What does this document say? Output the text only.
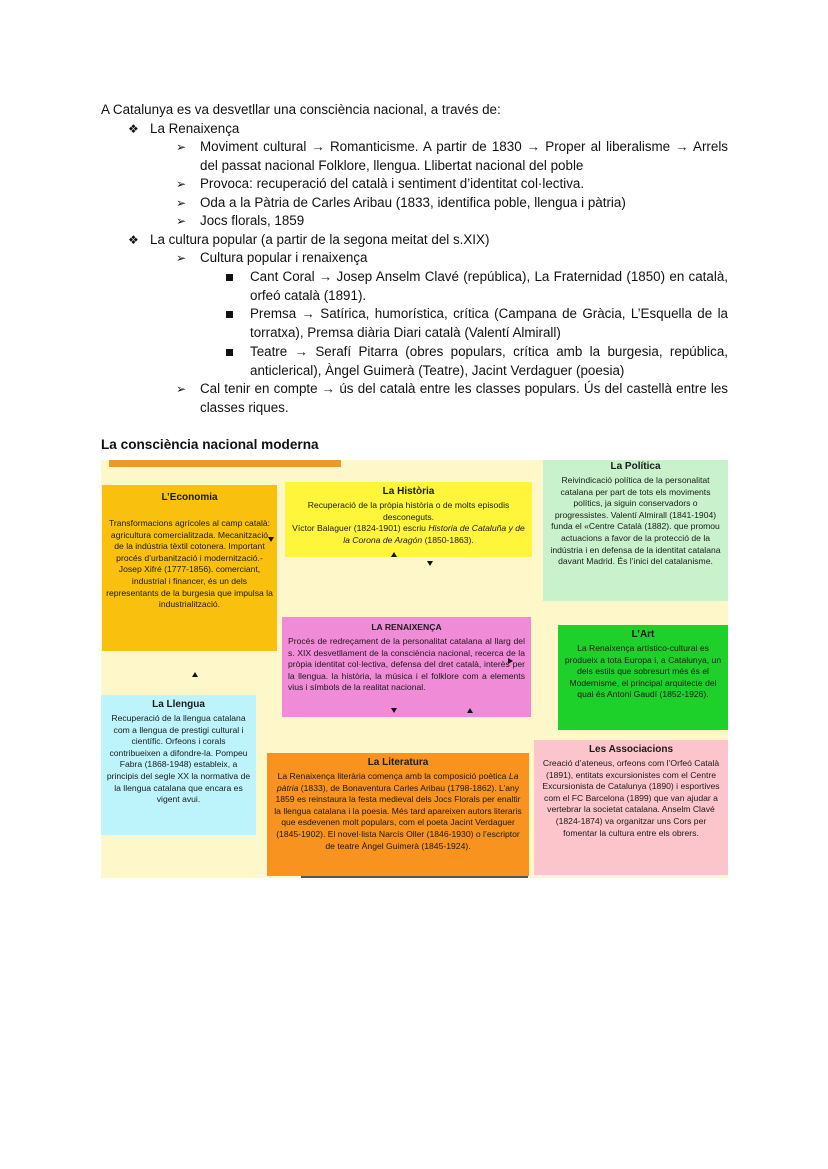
A Catalunya es va desvetllar una consciència nacional, a través de:
❖ La Renaixença
➢ Moviment cultural → Romanticisme. A partir de 1830 → Proper al liberalisme → Arrels del passat nacional Folklore, llengua. Llibertat nacional del poble
➢ Provoca: recuperació del català i sentiment d’identitat col·lectiva.
➢ Oda a la Pàtria de Carles Aribau (1833, identifica poble, llengua i pàtria)
➢ Jocs florals, 1859
❖ La cultura popular (a partir de la segona meitat del s.XIX)
➢ Cultura popular i renaixença
Cant Coral → Josep Anselm Clavé (república), La Fraternidad (1850) en català, orfeó català (1891).
Premsa → Satírica, humorística, crítica (Campana de Gràcia, L’Esquella de la torratxa), Premsa diària Diari català (Valentí Almirall)
Teatre → Serafí Pitarra (obres populars, crítica amb la burgesia, república, anticlerical), Àngel Guimerà (Teatre), Jacint Verdaguer (poesia)
➢ Cal tenir en compte → ús del català entre les classes populars. Ús del castellà entre les classes riques.
La consciència nacional moderna
L’Economia
Transformacions agrícoles al camp català: agricultura comercialitzada. Mecanització de la indústria tèxtil cotonera. Important procés d’urbanització i modernització.- Josep Xifré (1777-1856). comerciant, industrial i financer, és un dels representants de la burgesia que impulsa la industrialització.
La Història
Recuperació de la pròpia història o de molts episodis desconeguts.
Víctor Balaguer (1824-1901) escriu Historia de Cataluña y de la Corona de Aragón (1850-1863).
La Política
Reivindicació política de la personalitat catalana per part de tots els moviments polítics, ja siguin conservadors o progressistes. Valentí Almirall (1841-1904) funda el «Centre Català (1882). que promou actuacions a favor de la protecció de la indústria i en defensa de la identitat catalana davant Madrid. És l’inici del catalanisme.
LA RENAIXENÇA
Procés de redreçament de la personalitat catalana al llarg del s. XIX desvetllament de la consciència nacional, recerca de la pròpia identitat col·lectiva, defensa del dret català, interès per la llengua. la història, la música i el folklore com a elements vius i símbols de la realitat nacional.
L’Art
La Renaixença artístico-cultural es produeix a tota Europa i, a Catalunya, un dels estils que sobresurt més és el Modernisme, el principal arquitecte del qual és Antoni Gaudí (1852-1926).
La Llengua
Recuperació de la llengua catalana com a llengua de prestigi cultural i científic. Orfeons i corals contribueixen a difondre-la. Pompeu Fabra (1868-1948) estableix, a principis del segle XX la normativa de la llengua catalana que encara es vigent avui.
La Literatura
La Renaixença literària comença amb la composició poètica La pàtria (1833), de Bonaventura Carles Aribau (1798-1862). L’any 1859 es reinstaura la festa medieval dels Jocs Florals per enaltir la llengua catalana i la poesia. Més tard apareixen autors literaris que esdevenen molt populars, com el poeta Jacint Verdaguer (1845-1902). El novel·lista Narcís Oller (1846-1930) o l’escriptor de teatre Àngel Guimerà (1845-1924).
Les Associacions
Creació d’ateneus, orfeons com l’Orfeó Català (1891), entitats excursionistes com el Centre Excursionista de Catalunya (1890) i esportives com el FC Barcelona (1899) que van ajudar a vertebrar la societat catalana. Anselm Clavé (1824-1874) va organitzar uns Cors per fomentar la cultura entre els obrers.
